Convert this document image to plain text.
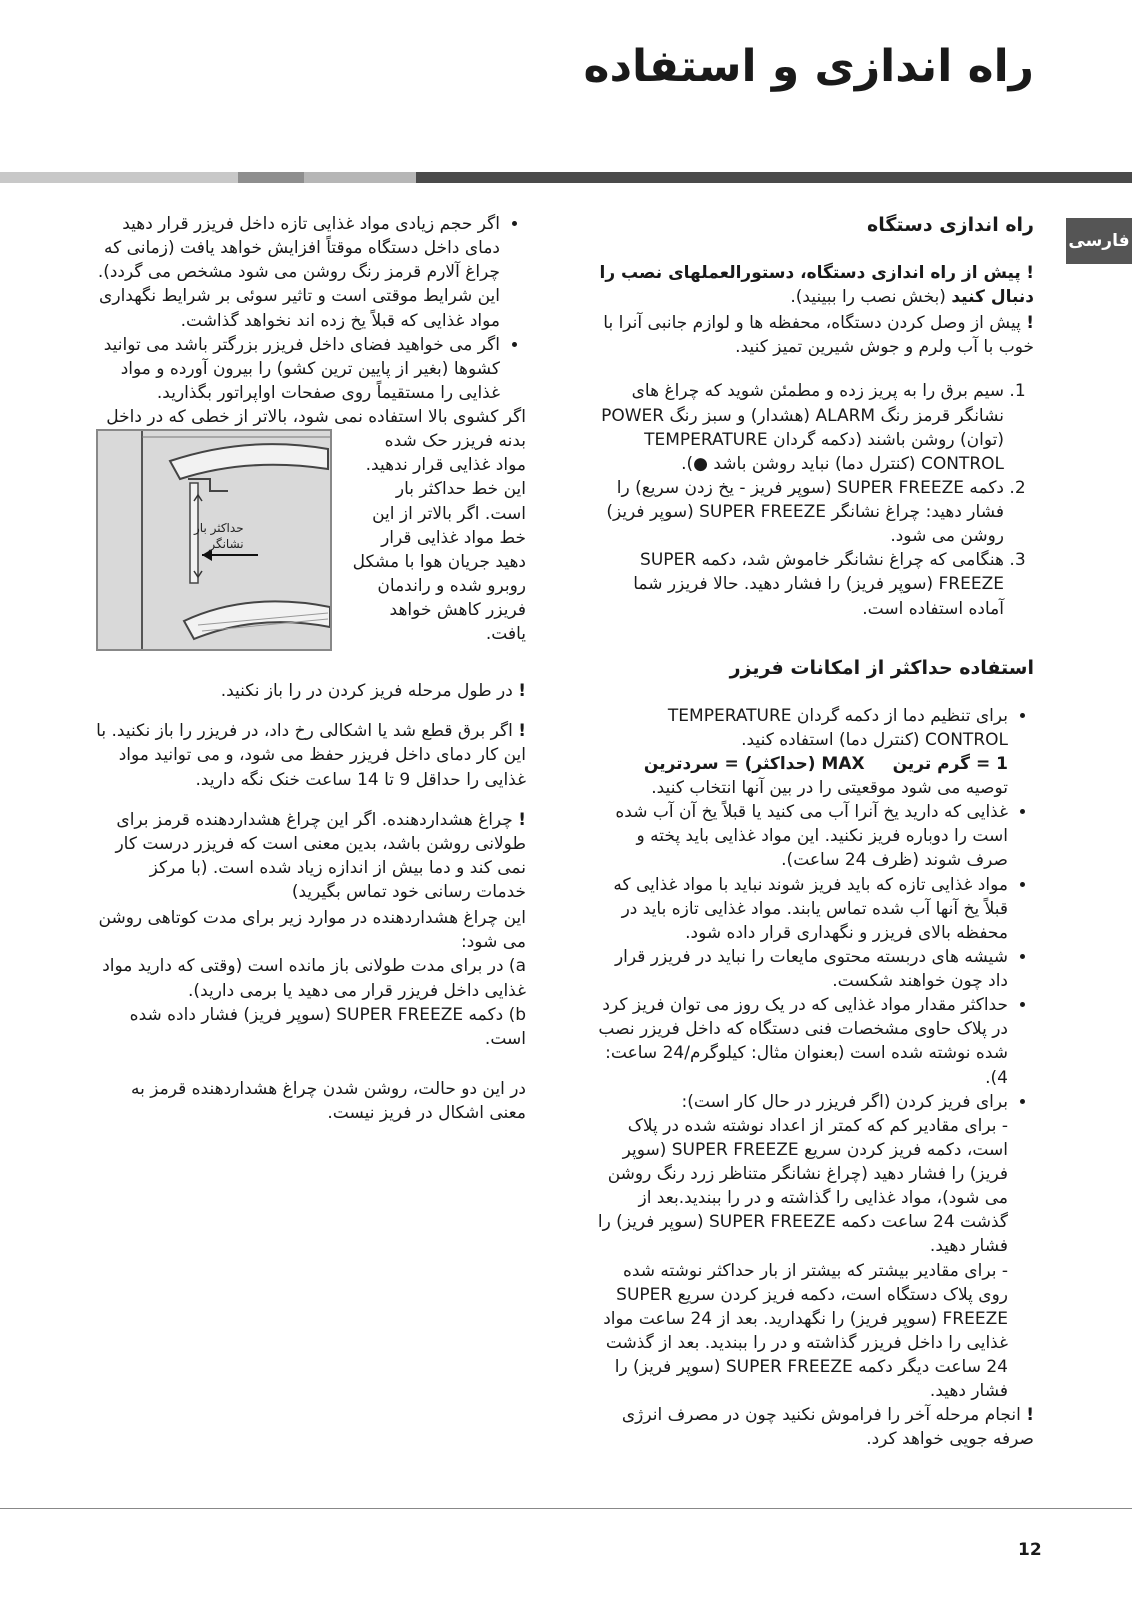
راه اندازی و استفاده
فارسی
راه اندازی دستگاه

! پیش از راه اندازی دستگاه، دستورالعملهای نصب را دنبال کنید (بخش نصب را ببینید).

! پیش از وصل کردن دستگاه، محفظه ها و لوازم جانبی آنرا با خوب با آب ولرم و جوش شیرین تمیز کنید.

1. سیم برق را به پریز زده و مطمئن شوید که چراغ های نشانگر قرمز رنگ ALARM (هشدار) و سبز رنگ POWER (توان) روشن باشند (دکمه گردان TEMPERATURE CONTROL (کنترل دما) نباید روشن باشد ●).
2. دکمه SUPER FREEZE (سوپر فریز - یخ زدن سریع) را فشار دهید: چراغ نشانگر SUPER FREEZE (سوپر فریز) روشن می شود.
3. هنگامی که چراغ نشانگر خاموش شد، دکمه SUPER FREEZE (سوپر فریز) را فشار دهید. حالا فریزر شما آماده استفاده است.
استفاده حداکثر از امکانات فریزر
• برای تنظیم دما از دکمه گردان TEMPERATURE CONTROL (کنترل دما) استفاده کنید.
1 = گرم ترین
MAX (حداکثر) = سردترین
توصیه می شود موقعیتی را در بین آنها انتخاب کنید.
• غذایی که دارید یخ آنرا آب می کنید یا قبلاً یخ آن آب شده است را دوباره فریز نکنید. این مواد غذایی باید پخته و صرف شوند (ظرف 24 ساعت).
• مواد غذایی تازه که باید فریز شوند نباید با مواد غذایی که قبلاً یخ آنها آب شده تماس یابند. مواد غذایی تازه باید در محفظه بالای فریزر و نگهداری قرار داده شود.
• شیشه های دربسته محتوی مایعات را نباید در فریزر قرار داد چون خواهند شکست.
• حداکثر مقدار مواد غذایی که در یک روز می توان فریز کرد در پلاک حاوی مشخصات فنی دستگاه که داخل فریزر نصب شده نوشته شده است (بعنوان مثال: کیلوگرم/24 ساعت: 4).
• برای فریز کردن (اگر فریزر در حال کار است):
- برای مقادیر کم که کمتر از اعداد نوشته شده در پلاک است، دکمه فریز کردن سریع SUPER FREEZE (سوپر فریز) را فشار دهید (چراغ نشانگر متناظر زرد رنگ روشن می شود)، مواد غذایی را گذاشته و در را ببندید.بعد از گذشت 24 ساعت دکمه SUPER FREEZE (سوپر فریز) را فشار دهید.
- برای مقادیر بیشتر که بیشتر از بار حداکثر نوشته شده روی پلاک دستگاه است، دکمه فریز کردن سریع SUPER FREEZE (سوپر فریز) را نگهدارید. بعد از 24 ساعت مواد غذایی را داخل فریزر گذاشته و در را ببندید. بعد از گذشت 24 ساعت دیگر دکمه SUPER FREEZE (سوپر فریز) را فشار دهید.

! انجام مرحله آخر را فراموش نکنید چون در مصرف انرژی صرفه جویی خواهد کرد.

• اگر حجم زیادی مواد غذایی تازه داخل فریزر قرار دهید دمای داخل دستگاه موقتاً افزایش خواهد یافت (زمانی که چراغ آلارم قرمز رنگ روشن می شود مشخص می گردد). این شرایط موقتی است و تاثیر سوئی بر شرایط نگهداری مواد غذایی که قبلاً یخ زده اند نخواهد گذاشت.
• اگر می خواهید فضای داخل فریزر بزرگتر باشد می توانید کشوها (بغیر از پایین ترین کشو) را بیرون آورده و مواد غذایی را مستقیماً روی صفحات اواپراتور بگذارید.

اگر کشوی بالا استفاده نمی شود، بالاتر از خطی که در داخل

بدنه فریزر حک شده مواد غذایی قرار ندهید. این خط حداکثر بار است. اگر بالاتر از این خط مواد غذایی قرار دهید جریان هوا با مشکل روبرو شده و راندمان فریزر کاهش خواهد یافت.

حداکثر بار
نشانگر

! در طول مرحله فریز کردن در را باز نکنید.

! اگر برق قطع شد یا اشکالی رخ داد، در فریزر را باز نکنید. با این کار دمای داخل فریزر حفظ می شود، و می توانید مواد غذایی را حداقل 9 تا 14 ساعت خنک نگه دارید.

! چراغ هشداردهنده. اگر این چراغ هشداردهنده قرمز برای طولانی روشن باشد، بدین معنی است که فریزر درست کار نمی کند و دما بیش از اندازه زیاد شده است. (با مرکز خدمات رسانی خود تماس بگیرید)

این چراغ هشداردهنده در موارد زیر برای مدت کوتاهی روشن می شود:

a) در برای مدت طولانی باز مانده است (وقتی که دارید مواد غذایی داخل فریزر قرار می دهید یا برمی دارید).

b) دکمه SUPER FREEZE (سوپر فریز) فشار داده شده است.

در این دو حالت، روشن شدن چراغ هشداردهنده قرمز به معنی اشکال در فریز نیست.

12
